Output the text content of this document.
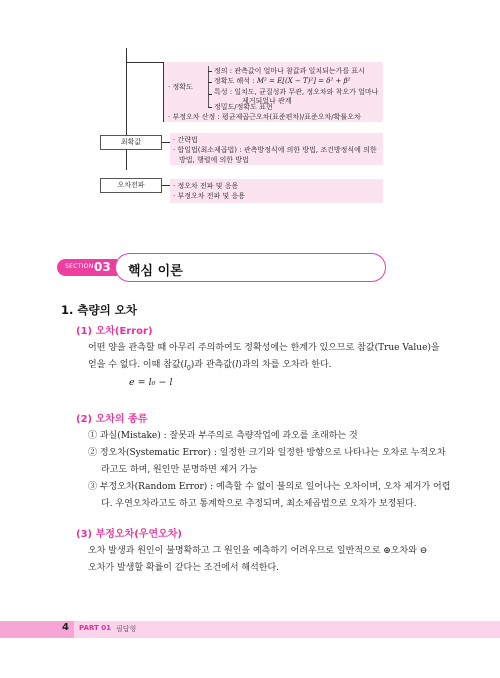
· 정확도
정의 : 관측값이 얼마나 참값과 일치되는가를 표시
정확도 해석 : M² = E[(X − T)²] = δ² + β²
특성 : 일치도, 균질성과 무관, 정오차와 착오가 얼마나
제거되었나 관계
정밀도/정확도 표현
· 부정오차 산정 : 평균제곱근오차(표준편차)/표준오차/확률오차
최확값	· 간략법
· 합일법(최소제곱법) : 관측방정식에 의한 방법, 조건방정식에 의한
방법, 행렬에 의한 방법
오차전파	· 정오차 전파 및 응용
· 부정오차 전파 및 응용
SECTION 03 핵심 이론
1. 측량의 오차
(1) 오차(Error)
어떤 양을 관측할 때 아무리 주의하여도 정확성에는 한계가 있으므로 참값(True Value)을
얻을 수 없다. 이때 참값$(l_0)$과 관측값(l)과의 차를 오차라 한다.
e = l₀ − l
(2) 오차의 종류
① 과실(Mistake) : 잘못과 부주의로 측량작업에 과오를 초래하는 것
② 정오차(Systematic Error) : 일정한 크기와 일정한 방향으로 나타나는 오차로 누적오차
라고도 하며, 원인만 분명하면 제거 가능
③ 부정오차(Random Error) : 예측할 수 없이 불의로 일어나는 오차이며, 오차 제거가 어렵
다. 우연오차라고도 하고 통계학으로 추정되며, 최소제곱법으로 오차가 보정된다.
(3) 부정오차(우연오차)
오차 발생과 원인이 불명확하고 그 원인을 예측하기 어려우므로 일반적으로 ⊕오차와 ⊖
오차가 발생할 확률이 같다는 조건에서 해석한다.
4 PART 01 필답형
